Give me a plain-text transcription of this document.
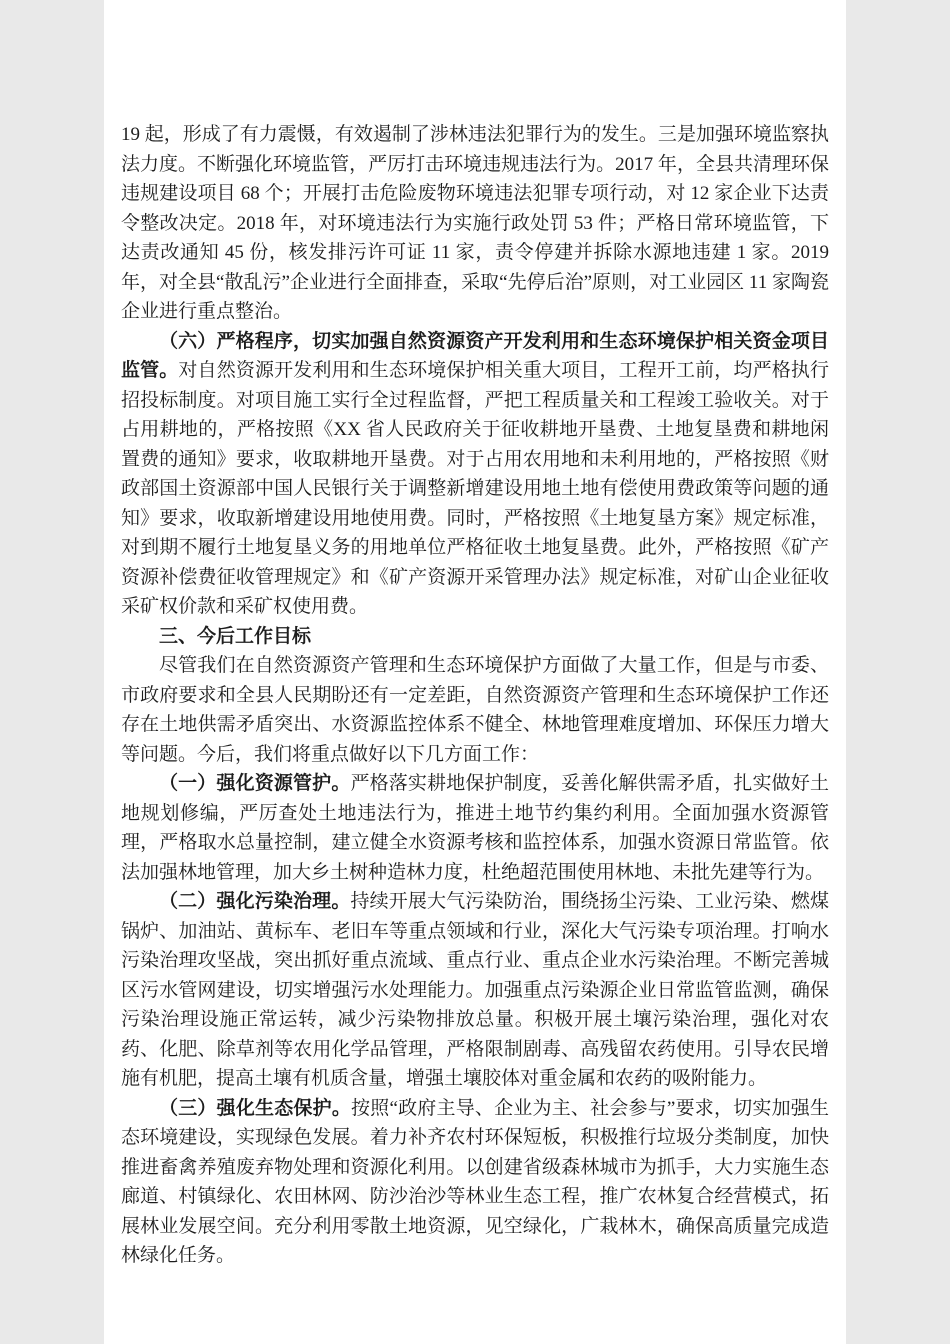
19 起，形成了有力震慑，有效遏制了涉林违法犯罪行为的发生。三是加强环境监察执法力度。不断强化环境监管，严厉打击环境违规违法行为。2017 年，全县共清理环保违规建设项目 68 个；开展打击危险废物环境违法犯罪专项行动，对 12 家企业下达责令整改决定。2018 年，对环境违法行为实施行政处罚 53 件；严格日常环境监管，下达责改通知 45 份，核发排污许可证 11 家，责令停建并拆除水源地违建 1 家。2019 年，对全县“散乱污”企业进行全面排查，采取“先停后治”原则，对工业园区 11 家陶瓷企业进行重点整治。

（六）严格程序，切实加强自然资源资产开发利用和生态环境保护相关资金项目监管。对自然资源开发利用和生态环境保护相关重大项目，工程开工前，均严格执行招投标制度。对项目施工实行全过程监督，严把工程质量关和工程竣工验收关。对于占用耕地的，严格按照《XX 省人民政府关于征收耕地开垦费、土地复垦费和耕地闲置费的通知》要求，收取耕地开垦费。对于占用农用地和未利用地的，严格按照《财政部国土资源部中国人民银行关于调整新增建设用地土地有偿使用费政策等问题的通知》要求，收取新增建设用地使用费。同时，严格按照《土地复垦方案》规定标准，对到期不履行土地复垦义务的用地单位严格征收土地复垦费。此外，严格按照《矿产资源补偿费征收管理规定》和《矿产资源开采管理办法》规定标准，对矿山企业征收采矿权价款和采矿权使用费。

三、今后工作目标

尽管我们在自然资源资产管理和生态环境保护方面做了大量工作，但是与市委、市政府要求和全县人民期盼还有一定差距，自然资源资产管理和生态环境保护工作还存在土地供需矛盾突出、水资源监控体系不健全、林地管理难度增加、环保压力增大等问题。今后，我们将重点做好以下几方面工作：

（一）强化资源管护。严格落实耕地保护制度，妥善化解供需矛盾，扎实做好土地规划修编，严厉查处土地违法行为，推进土地节约集约利用。全面加强水资源管理，严格取水总量控制，建立健全水资源考核和监控体系，加强水资源日常监管。依法加强林地管理，加大乡土树种造林力度，杜绝超范围使用林地、未批先建等行为。

（二）强化污染治理。持续开展大气污染防治，围绕扬尘污染、工业污染、燃煤锅炉、加油站、黄标车、老旧车等重点领域和行业，深化大气污染专项治理。打响水污染治理攻坚战，突出抓好重点流域、重点行业、重点企业水污染治理。不断完善城区污水管网建设，切实增强污水处理能力。加强重点污染源企业日常监管监测，确保污染治理设施正常运转，减少污染物排放总量。积极开展土壤污染治理，强化对农药、化肥、除草剂等农用化学品管理，严格限制剧毒、高残留农药使用。引导农民增施有机肥，提高土壤有机质含量，增强土壤胶体对重金属和农药的吸附能力。

（三）强化生态保护。按照“政府主导、企业为主、社会参与”要求，切实加强生态环境建设，实现绿色发展。着力补齐农村环保短板，积极推行垃圾分类制度，加快推进畜禽养殖废弃物处理和资源化利用。以创建省级森林城市为抓手，大力实施生态廊道、村镇绿化、农田林网、防沙治沙等林业生态工程，推广农林复合经营模式，拓展林业发展空间。充分利用零散土地资源，见空绿化，广栽林木，确保高质量完成造林绿化任务。
